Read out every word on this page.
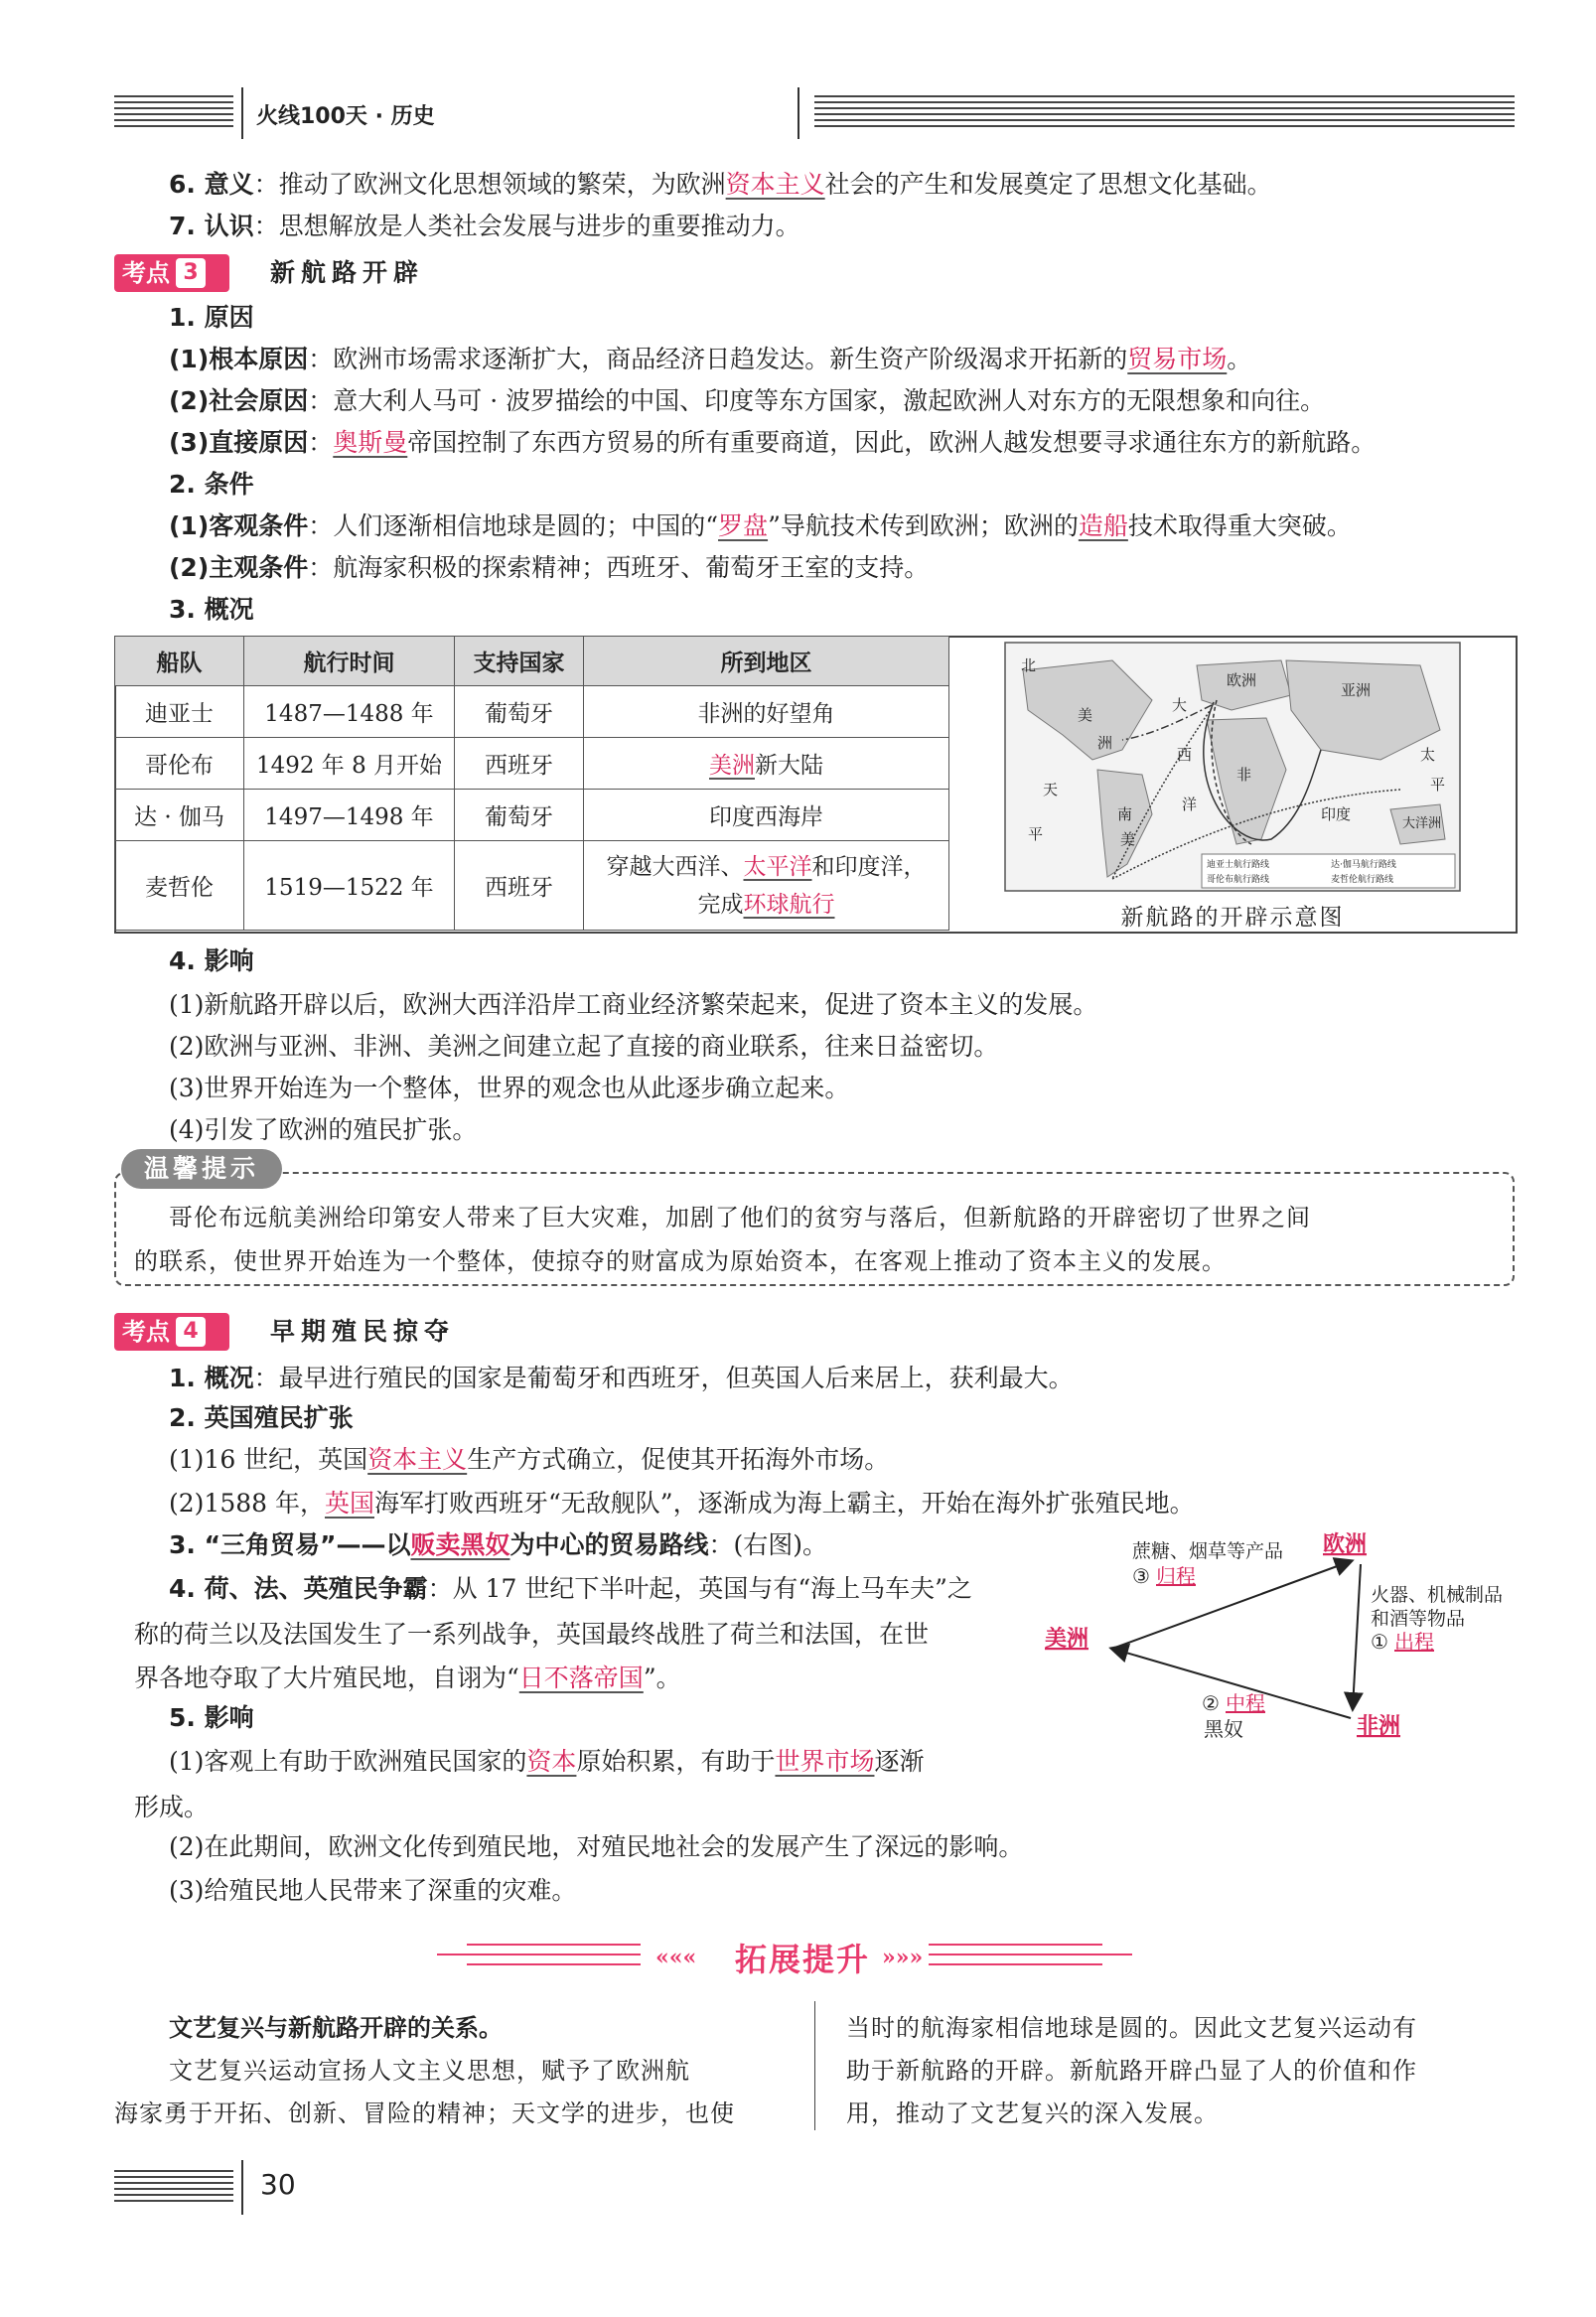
火线100天 · 历史
6. 意义：推动了欧洲文化思想领域的繁荣，为欧洲资本主义社会的产生和发展奠定了思想文化基础。
7. 认识：思想解放是人类社会发展与进步的重要推动力。
考点 3	新航路开辟
1. 原因
(1)根本原因：欧洲市场需求逐渐扩大，商品经济日趋发达。新生资产阶级渴求开拓新的贸易市场。
(2)社会原因：意大利人马可 · 波罗描绘的中国、印度等东方国家，激起欧洲人对东方的无限想象和向往。
(3)直接原因：奥斯曼帝国控制了东西方贸易的所有重要商道，因此，欧洲人越发想要寻求通往东方的新航路。
2. 条件
(1)客观条件：人们逐渐相信地球是圆的；中国的“罗盘”导航技术传到欧洲；欧洲的造船技术取得重大突破。
(2)主观条件：航海家积极的探索精神；西班牙、葡萄牙王室的支持。
3. 概况
船队	航行时间	支持国家	所到地区
迪亚士	1487—1488 年	葡萄牙	非洲的好望角
哥伦布	1492 年 8 月开始	西班牙	美洲新大陆
达 · 伽马	1497—1498 年	葡萄牙	印度西海岸
麦哲伦	1519—1522 年	西班牙	穿越大西洋、太平洋和印度洋，
完成环球航行
北
天
平
美
洲
南
美
大
西
洋
欧洲
亚洲
非
印度
太
平
大洋洲
迪亚士航行路线	达·伽马航行路线
哥伦布航行路线	麦哲伦航行路线
新航路的开辟示意图
4. 影响
(1)新航路开辟以后，欧洲大西洋沿岸工商业经济繁荣起来，促进了资本主义的发展。
(2)欧洲与亚洲、非洲、美洲之间建立起了直接的商业联系，往来日益密切。
(3)世界开始连为一个整体，世界的观念也从此逐步确立起来。
(4)引发了欧洲的殖民扩张。
温馨提示
哥伦布远航美洲给印第安人带来了巨大灾难，加剧了他们的贫穷与落后，但新航路的开辟密切了世界之间
的联系，使世界开始连为一个整体，使掠夺的财富成为原始资本，在客观上推动了资本主义的发展。
考点 4	早期殖民掠夺
1. 概况：最早进行殖民的国家是葡萄牙和西班牙，但英国人后来居上，获利最大。
2. 英国殖民扩张
(1)16 世纪，英国资本主义生产方式确立，促使其开拓海外市场。
(2)1588 年，英国海军打败西班牙“无敌舰队”，逐渐成为海上霸主，开始在海外扩张殖民地。
3. “三角贸易”——以贩卖黑奴为中心的贸易路线：(右图)。
4. 荷、法、英殖民争霸：从 17 世纪下半叶起，英国与有“海上马车夫”之
称的荷兰以及法国发生了一系列战争，英国最终战胜了荷兰和法国，在世
界各地夺取了大片殖民地，自诩为“日不落帝国”。
5. 影响
(1)客观上有助于欧洲殖民国家的资本原始积累，有助于世界市场逐渐
形成。
(2)在此期间，欧洲文化传到殖民地，对殖民地社会的发展产生了深远的影响。
(3)给殖民地人民带来了深重的灾难。
欧洲
美洲
非洲
蔗糖、烟草等产品
③ 归程
火器、机械制品
和酒等物品
① 出程
② 中程
黑奴
«««	»»»
拓展提升
文艺复兴与新航路开辟的关系。
文艺复兴运动宣扬人文主义思想，赋予了欧洲航
海家勇于开拓、创新、冒险的精神；天文学的进步，也使
当时的航海家相信地球是圆的。因此文艺复兴运动有
助于新航路的开辟。新航路开辟凸显了人的价值和作
用，推动了文艺复兴的深入发展。
30
